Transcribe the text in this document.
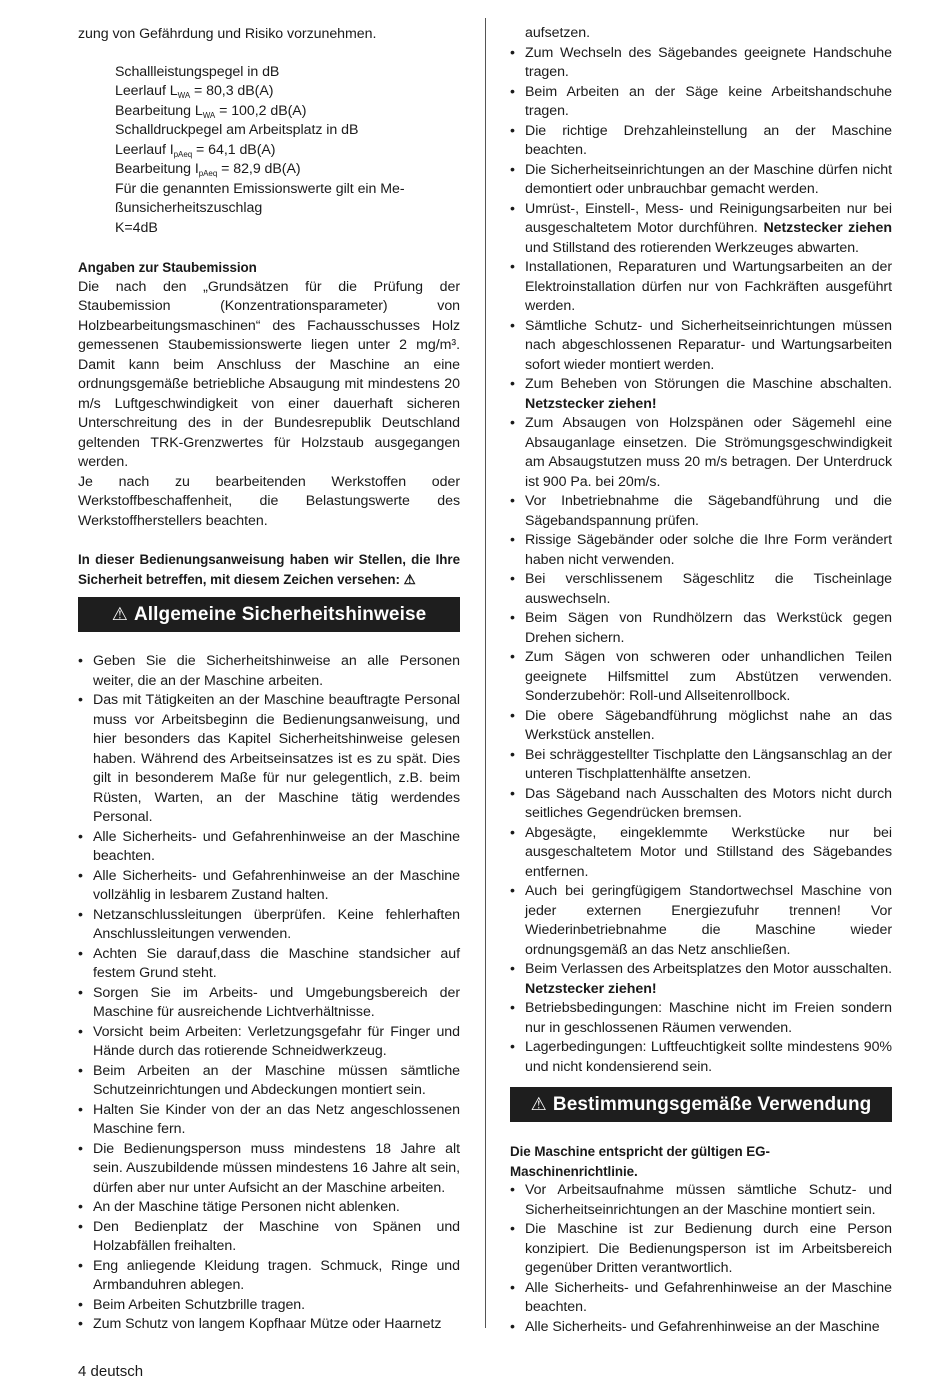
zung von Gefährdung und Risiko vorzunehmen.

Schallleistungspegel in dB
Leerlauf $L_{WA} = 80,3$ dB(A)
Bearbeitung $L_{WA} = 100,2$ dB(A)
Schalldruckpegel am Arbeitsplatz in dB
Leerlauf $I_{pAeq} = 64,1$ dB(A)
Bearbeitung $I_{pAeq} = 82,9$ dB(A)
Für die genannten Emissionswerte gilt ein Me-
ßunsicherheitszuschlag
K=4dB

Angaben zur Staubemission

Die nach den „Grundsätzen für die Prüfung der Staubemission (Konzentrationsparameter) von Holzbearbeitungsmaschinen“ des Fachausschusses Holz gemessenen Staubemissionswerte liegen unter 2 mg/m³. Damit kann beim Anschluss der Maschine an eine ordnungsgemäße betriebliche Absaugung mit mindestens 20 m/s Luftgeschwindigkeit von einer dauerhaft sicheren Unterschreitung des in der Bundesrepublik Deutschland geltenden TRK-Grenzwertes für Holzstaub ausgegangen werden.

Je nach zu bearbeitenden Werkstoffen oder Werkstoffbeschaffenheit, die Belastungswerte des Werkstoffherstellers beachten.

In dieser Bedienungsanweisung haben wir Stellen, die Ihre Sicherheit betreffen, mit diesem Zeichen versehen: ⚠

⚠ Allgemeine Sicherheitshinweise
• Geben Sie die Sicherheitshinweise an alle Personen weiter, die an der Maschine arbeiten.
• Das mit Tätigkeiten an der Maschine beauftragte Personal muss vor Arbeitsbeginn die Bedienungsanweisung, und hier besonders das Kapitel Sicherheitshinweise gelesen haben. Während des Arbeitseinsatzes ist es zu spät. Dies gilt in besonderem Maße für nur gelegentlich, z.B. beim Rüsten, Warten, an der Maschine tätig werdendes Personal.
• Alle Sicherheits- und Gefahrenhinweise an der Maschine beachten.
• Alle Sicherheits- und Gefahrenhinweise an der Maschine vollzählig in lesbarem Zustand halten.
• Netzanschlussleitungen überprüfen. Keine fehlerhaften Anschlussleitungen verwenden.
• Achten Sie darauf,dass die Maschine standsicher auf festem Grund steht.
• Sorgen Sie im Arbeits- und Umgebungsbereich der Maschine für ausreichende Lichtverhältnisse.
• Vorsicht beim Arbeiten: Verletzungsgefahr für Finger und Hände durch das rotierende Schneidwerkzeug.
• Beim Arbeiten an der Maschine müssen sämtliche Schutzeinrichtungen und Abdeckungen montiert sein.
• Halten Sie Kinder von der an das Netz angeschlossenen Maschine fern.
• Die Bedienungsperson muss mindestens 18 Jahre alt sein. Auszubildende müssen mindestens 16 Jahre alt sein, dürfen aber nur unter Aufsicht an der Maschine arbeiten.
• An der Maschine tätige Personen nicht ablenken.
• Den Bedienplatz der Maschine von Spänen und Holzabfällen freihalten.
• Eng anliegende Kleidung tragen. Schmuck, Ringe und Armbanduhren ablegen.
• Beim Arbeiten Schutzbrille tragen.
• Zum Schutz von langem Kopfhaar Mütze oder Haarnetz

aufsetzen.

• Zum Wechseln des Sägebandes geeignete Handschuhe tragen.
• Beim Arbeiten an der Säge keine Arbeitshandschuhe tragen.
• Die richtige Drehzahleinstellung an der Maschine beachten.
• Die Sicherheitseinrichtungen an der Maschine dürfen nicht demontiert oder unbrauchbar gemacht werden.
• Umrüst-, Einstell-, Mess- und Reinigungsarbeiten nur bei ausgeschaltetem Motor durchführen. Netzstecker ziehen und Stillstand des rotierenden Werkzeuges abwarten.
• Installationen, Reparaturen und Wartungsarbeiten an der Elektroinstallation dürfen nur von Fachkräften ausgeführt werden.
• Sämtliche Schutz- und Sicherheitseinrichtungen müssen nach abgeschlossenen Reparatur- und Wartungsarbeiten sofort wieder montiert werden.
• Zum Beheben von Störungen die Maschine abschalten. Netzstecker ziehen!
• Zum Absaugen von Holzspänen oder Sägemehl eine Absauganlage einsetzen. Die Strömungsgeschwindigkeit am Absaugstutzen muss 20 m/s betragen. Der Unterdruck ist 900 Pa. bei 20m/s.
• Vor Inbetriebnahme die Sägebandführung und die Sägebandspannung prüfen.
• Rissige Sägebänder oder solche die Ihre Form verändert haben nicht verwenden.
• Bei verschlissenem Sägeschlitz die Tischeinlage auswechseln.
• Beim Sägen von Rundhölzern das Werkstück gegen Drehen sichern.
• Zum Sägen von schweren oder unhandlichen Teilen geeignete Hilfsmittel zum Abstützen verwenden. Sonderzubehör: Roll-und Allseitenrollbock.
• Die obere Sägebandführung möglichst nahe an das Werkstück anstellen.
• Bei schräggestellter Tischplatte den Längsanschlag an der unteren Tischplattenhälfte ansetzen.
• Das Sägeband nach Ausschalten des Motors nicht durch seitliches Gegendrücken bremsen.
• Abgesägte, eingeklemmte Werkstücke nur bei ausgeschaltetem Motor und Stillstand des Sägebandes entfernen.
• Auch bei geringfügigem Standortwechsel Maschine von jeder externen Energiezufuhr trennen! Vor Wiederinbetriebnahme die Maschine wieder ordnungsgemäß an das Netz anschließen.
• Beim Verlassen des Arbeitsplatzes den Motor ausschalten. Netzstecker ziehen!
• Betriebsbedingungen: Maschine nicht im Freien sondern nur in geschlossenen Räumen verwenden.
• Lagerbedingungen: Luftfeuchtigkeit sollte mindestens 90% und nicht kondensierend sein.
⚠ Bestimmungsgemäße Verwendung

Die Maschine entspricht der gültigen EG-Maschinenrichtlinie.

• Vor Arbeitsaufnahme müssen sämtliche Schutz- und Sicherheitseinrichtungen an der Maschine montiert sein.
• Die Maschine ist zur Bedienung durch eine Person konzipiert. Die Bedienungsperson ist im Arbeitsbereich gegenüber Dritten verantwortlich.
• Alle Sicherheits- und Gefahrenhinweise an der Maschine beachten.
• Alle Sicherheits- und Gefahrenhinweise an der Maschine
4 deutsch
